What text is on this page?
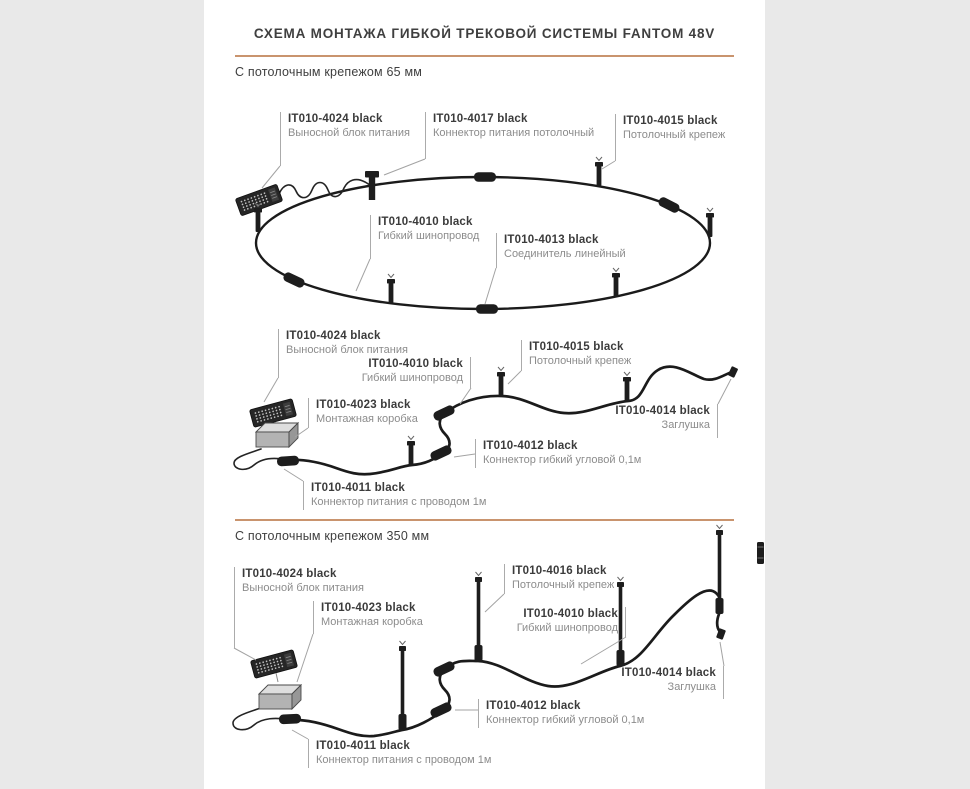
СХЕМА МОНТАЖА ГИБКОЙ ТРЕКОВОЙ СИСТЕМЫ FANTOM 48V
С потолочным крепежом 65 мм
IT010-4024 black
Выносной блок питания
IT010-4017 black
Коннектор питания потолочный
IT010-4015 black
Потолочный крепеж
IT010-4010 black
Гибкий шинопровод IT010-4013 black
Соединитель линейный
IT010-4024 black
Выносной блок питания
IT010-4010 black
Гибкий шинопровод
IT010-4015 black
Потолочный крепеж
IT010-4023 black
Монтажная коробка
IT010-4014 black
Заглушка
IT010-4012 black
Коннектор гибкий угловой 0,1м
IT010-4011 black
Коннектор питания с проводом 1м
С потолочным крепежом 350 мм
IT010-4024 black
Выносной блок питания
IT010-4023 black
Монтажная коробка
IT010-4016 black
Потолочный крепеж
IT010-4010 black
Гибкий шинопровод
IT010-4014 black
Заглушка
IT010-4012 black
Коннектор гибкий угловой 0,1м
IT010-4011 black
Коннектор питания с проводом 1м
